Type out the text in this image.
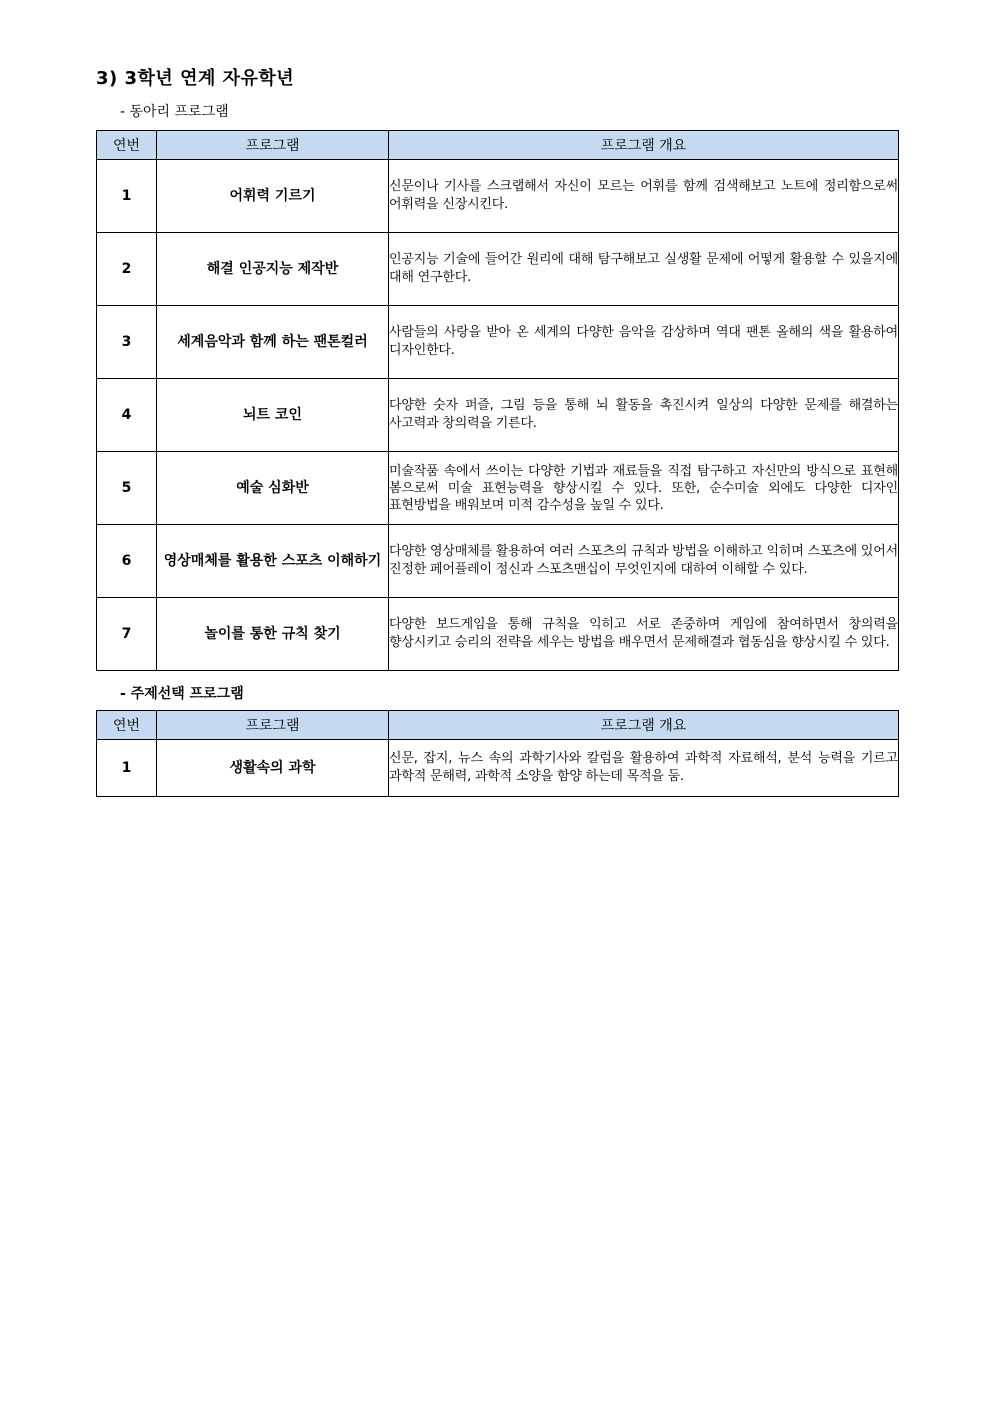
3) 3학년 연계 자유학년

- 동아리 프로그램

연번	프로그램	프로그램 개요
1	어휘력 기르기	신문이나 기사를 스크랩해서 자신이 모르는 어휘를 함께 검색해보고 노트에 정리함으로써 어휘력을 신장시킨다.
2	해결 인공지능 제작반	인공지능 기술에 들어간 원리에 대해 탐구해보고 실생활 문제에 어떻게 활용할 수 있을지에 대해 연구한다.
3	세계음악과 함께 하는 팬톤컬러	사람들의 사랑을 받아 온 세계의 다양한 음악을 감상하며 역대 팬톤 올해의 색을 활용하여 디자인한다.
4	뇌트 코인	다양한 숫자 퍼즐, 그림 등을 통해 뇌 활동을 촉진시켜 일상의 다양한 문제를 해결하는 사고력과 창의력을 기른다.
5	예술 심화반	미술작품 속에서 쓰이는 다양한 기법과 재료들을 직접 탐구하고 자신만의 방식으로 표현해 봄으로써 미술 표현능력을 향상시킬 수 있다. 또한, 순수미술 외에도 다양한 디자인 표현방법을 배워보며 미적 감수성을 높일 수 있다.
6	영상매체를 활용한 스포츠 이해하기	다양한 영상매체를 활용하여 여러 스포츠의 규칙과 방법을 이해하고 익히며 스포츠에 있어서 진정한 페어플레이 정신과 스포츠맨십이 무엇인지에 대하여 이해할 수 있다.
7	놀이를 통한 규칙 찾기	다양한 보드게임을 통해 규칙을 익히고 서로 존중하며 게임에 참여하면서 창의력을 향상시키고 승리의 전략을 세우는 방법을 배우면서 문제해결과 협동심을 향상시킬 수 있다.

- 주제선택 프로그램

연번	프로그램	프로그램 개요
1	생활속의 과학	신문, 잡지, 뉴스 속의 과학기사와 칼럼을 활용하여 과학적 자료해석, 분석 능력을 기르고 과학적 문해력, 과학적 소양을 함양 하는데 목적을 둠.
